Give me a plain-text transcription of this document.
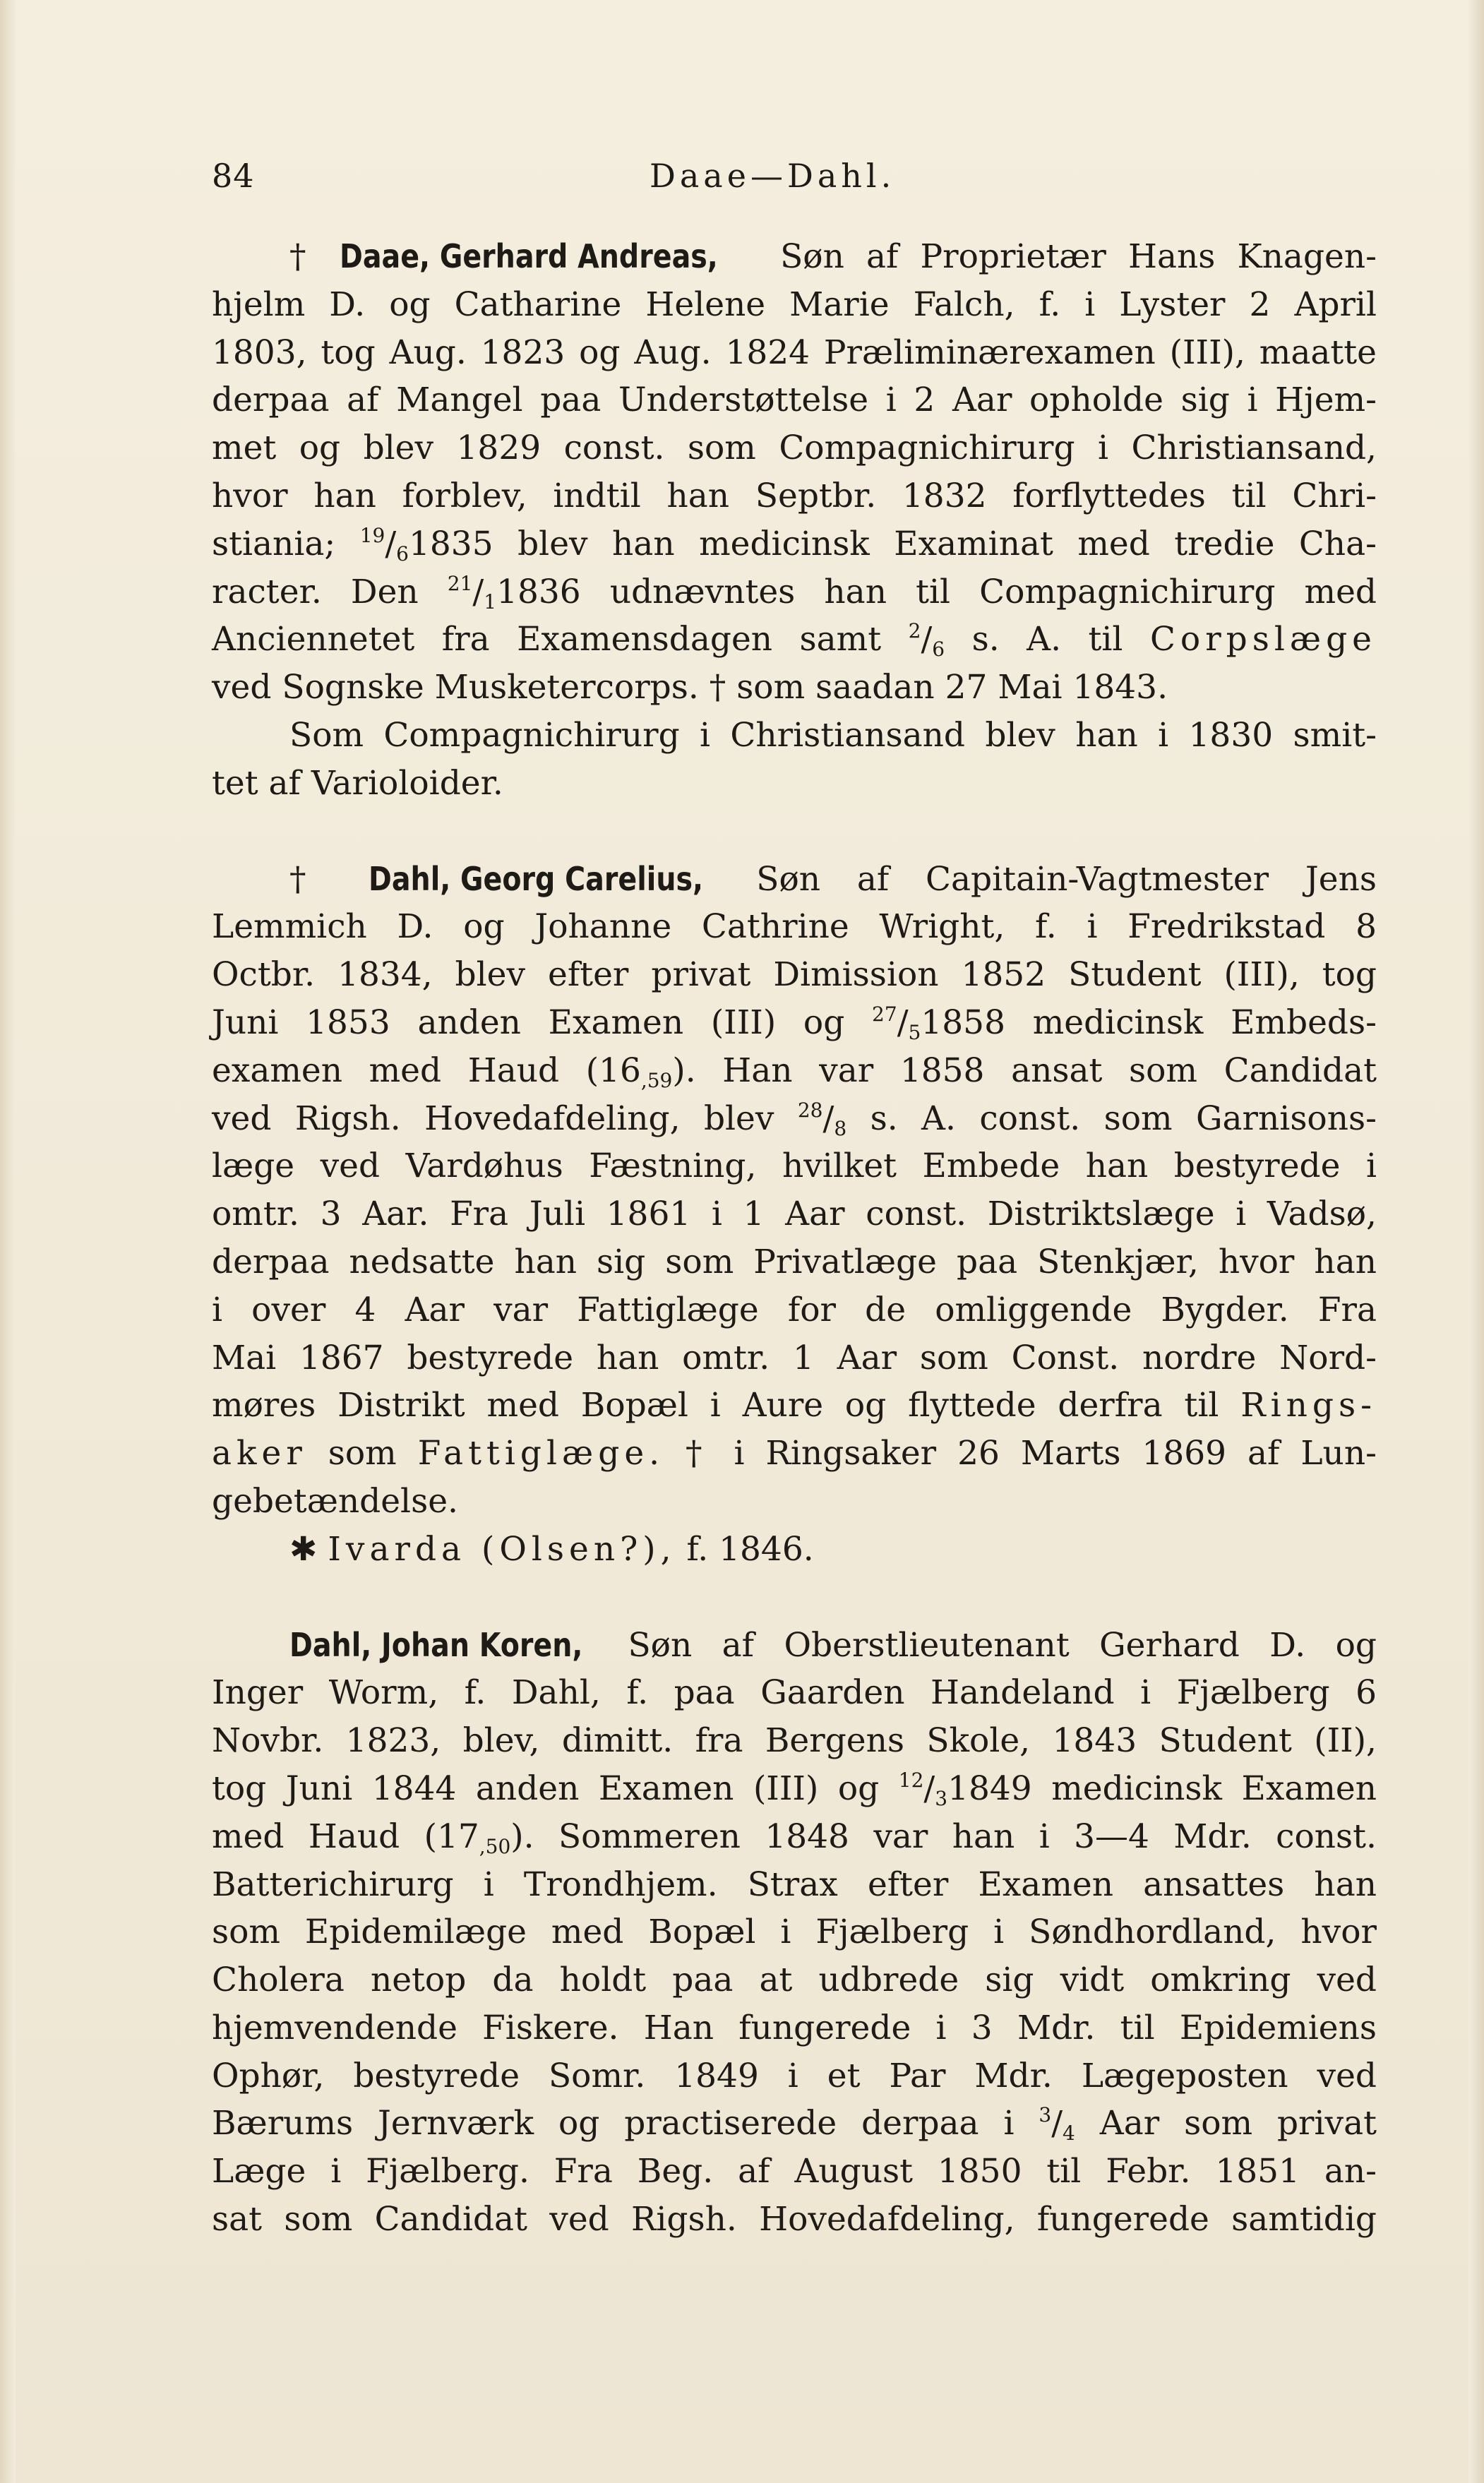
84	Daae—Dahl.
† Daae, Gerhard Andreas, Søn af Proprietær Hans Knagen-
hjelm D. og Catharine Helene Marie Falch, f. i Lyster 2 April
1803, tog Aug. 1823 og Aug. 1824 Præliminærexamen (III), maatte
derpaa af Mangel paa Understøttelse i 2 Aar opholde sig i Hjem-
met og blev 1829 const. som Compagnichirurg i Christiansand,
hvor han forblev, indtil han Septbr. 1832 forflyttedes til Chri-
stiania; $^{19}/_61835$ blev han medicinsk Examinat med tredie Cha-
racter. Den $^{21}/_11836$ udnævntes han til Compagnichirurg med
Anciennetet fra Examensdagen samt $^2/_6$ s. A. til Corpslæge
ved Sognske Musketercorps. † som saadan 27 Mai 1843.
Som Compagnichirurg i Christiansand blev han i 1830 smit-
tet af Varioloider.
† Dahl, Georg Carelius, Søn af Capitain-Vagtmester Jens
Lemmich D. og Johanne Cathrine Wright, f. i Fredrikstad 8
Octbr. 1834, blev efter privat Dimission 1852 Student (III), tog
Juni 1853 anden Examen (III) og $^{27}/_51858$ medicinsk Embeds-
examen med Haud $(16_{,59})$. Han var 1858 ansat som Candidat
ved Rigsh. Hovedafdeling, blev $^{28}/_8$ s. A. const. som Garnisons-
læge ved Vardøhus Fæstning, hvilket Embede han bestyrede i
omtr. 3 Aar. Fra Juli 1861 i 1 Aar const. Distriktslæge i Vadsø,
derpaa nedsatte han sig som Privatlæge paa Stenkjær, hvor han
i over 4 Aar var Fattiglæge for de omliggende Bygder. Fra
Mai 1867 bestyrede han omtr. 1 Aar som Const. nordre Nord-
møres Distrikt med Bopæl i Aure og flyttede derfra til Rings-
aker som Fattiglæge. † i Ringsaker 26 Marts 1869 af Lun-
gebetændelse.
✱ Ivarda (Olsen?), f. 1846.
Dahl, Johan Koren, Søn af Oberstlieutenant Gerhard D. og
Inger Worm, f. Dahl, f. paa Gaarden Handeland i Fjælberg 6
Novbr. 1823, blev, dimitt. fra Bergens Skole, 1843 Student (II),
tog Juni 1844 anden Examen (III) og $^{12}/_31849$ medicinsk Examen
med Haud $(17_{,50})$. Sommeren 1848 var han i 3—4 Mdr. const.
Batterichirurg i Trondhjem. Strax efter Examen ansattes han
som Epidemilæge med Bopæl i Fjælberg i Søndhordland, hvor
Cholera netop da holdt paa at udbrede sig vidt omkring ved
hjemvendende Fiskere. Han fungerede i 3 Mdr. til Epidemiens
Ophør, bestyrede Somr. 1849 i et Par Mdr. Lægeposten ved
Bærums Jernværk og practiserede derpaa i $^3/_4$ Aar som privat
Læge i Fjælberg. Fra Beg. af August 1850 til Febr. 1851 an-
sat som Candidat ved Rigsh. Hovedafdeling, fungerede samtidig
